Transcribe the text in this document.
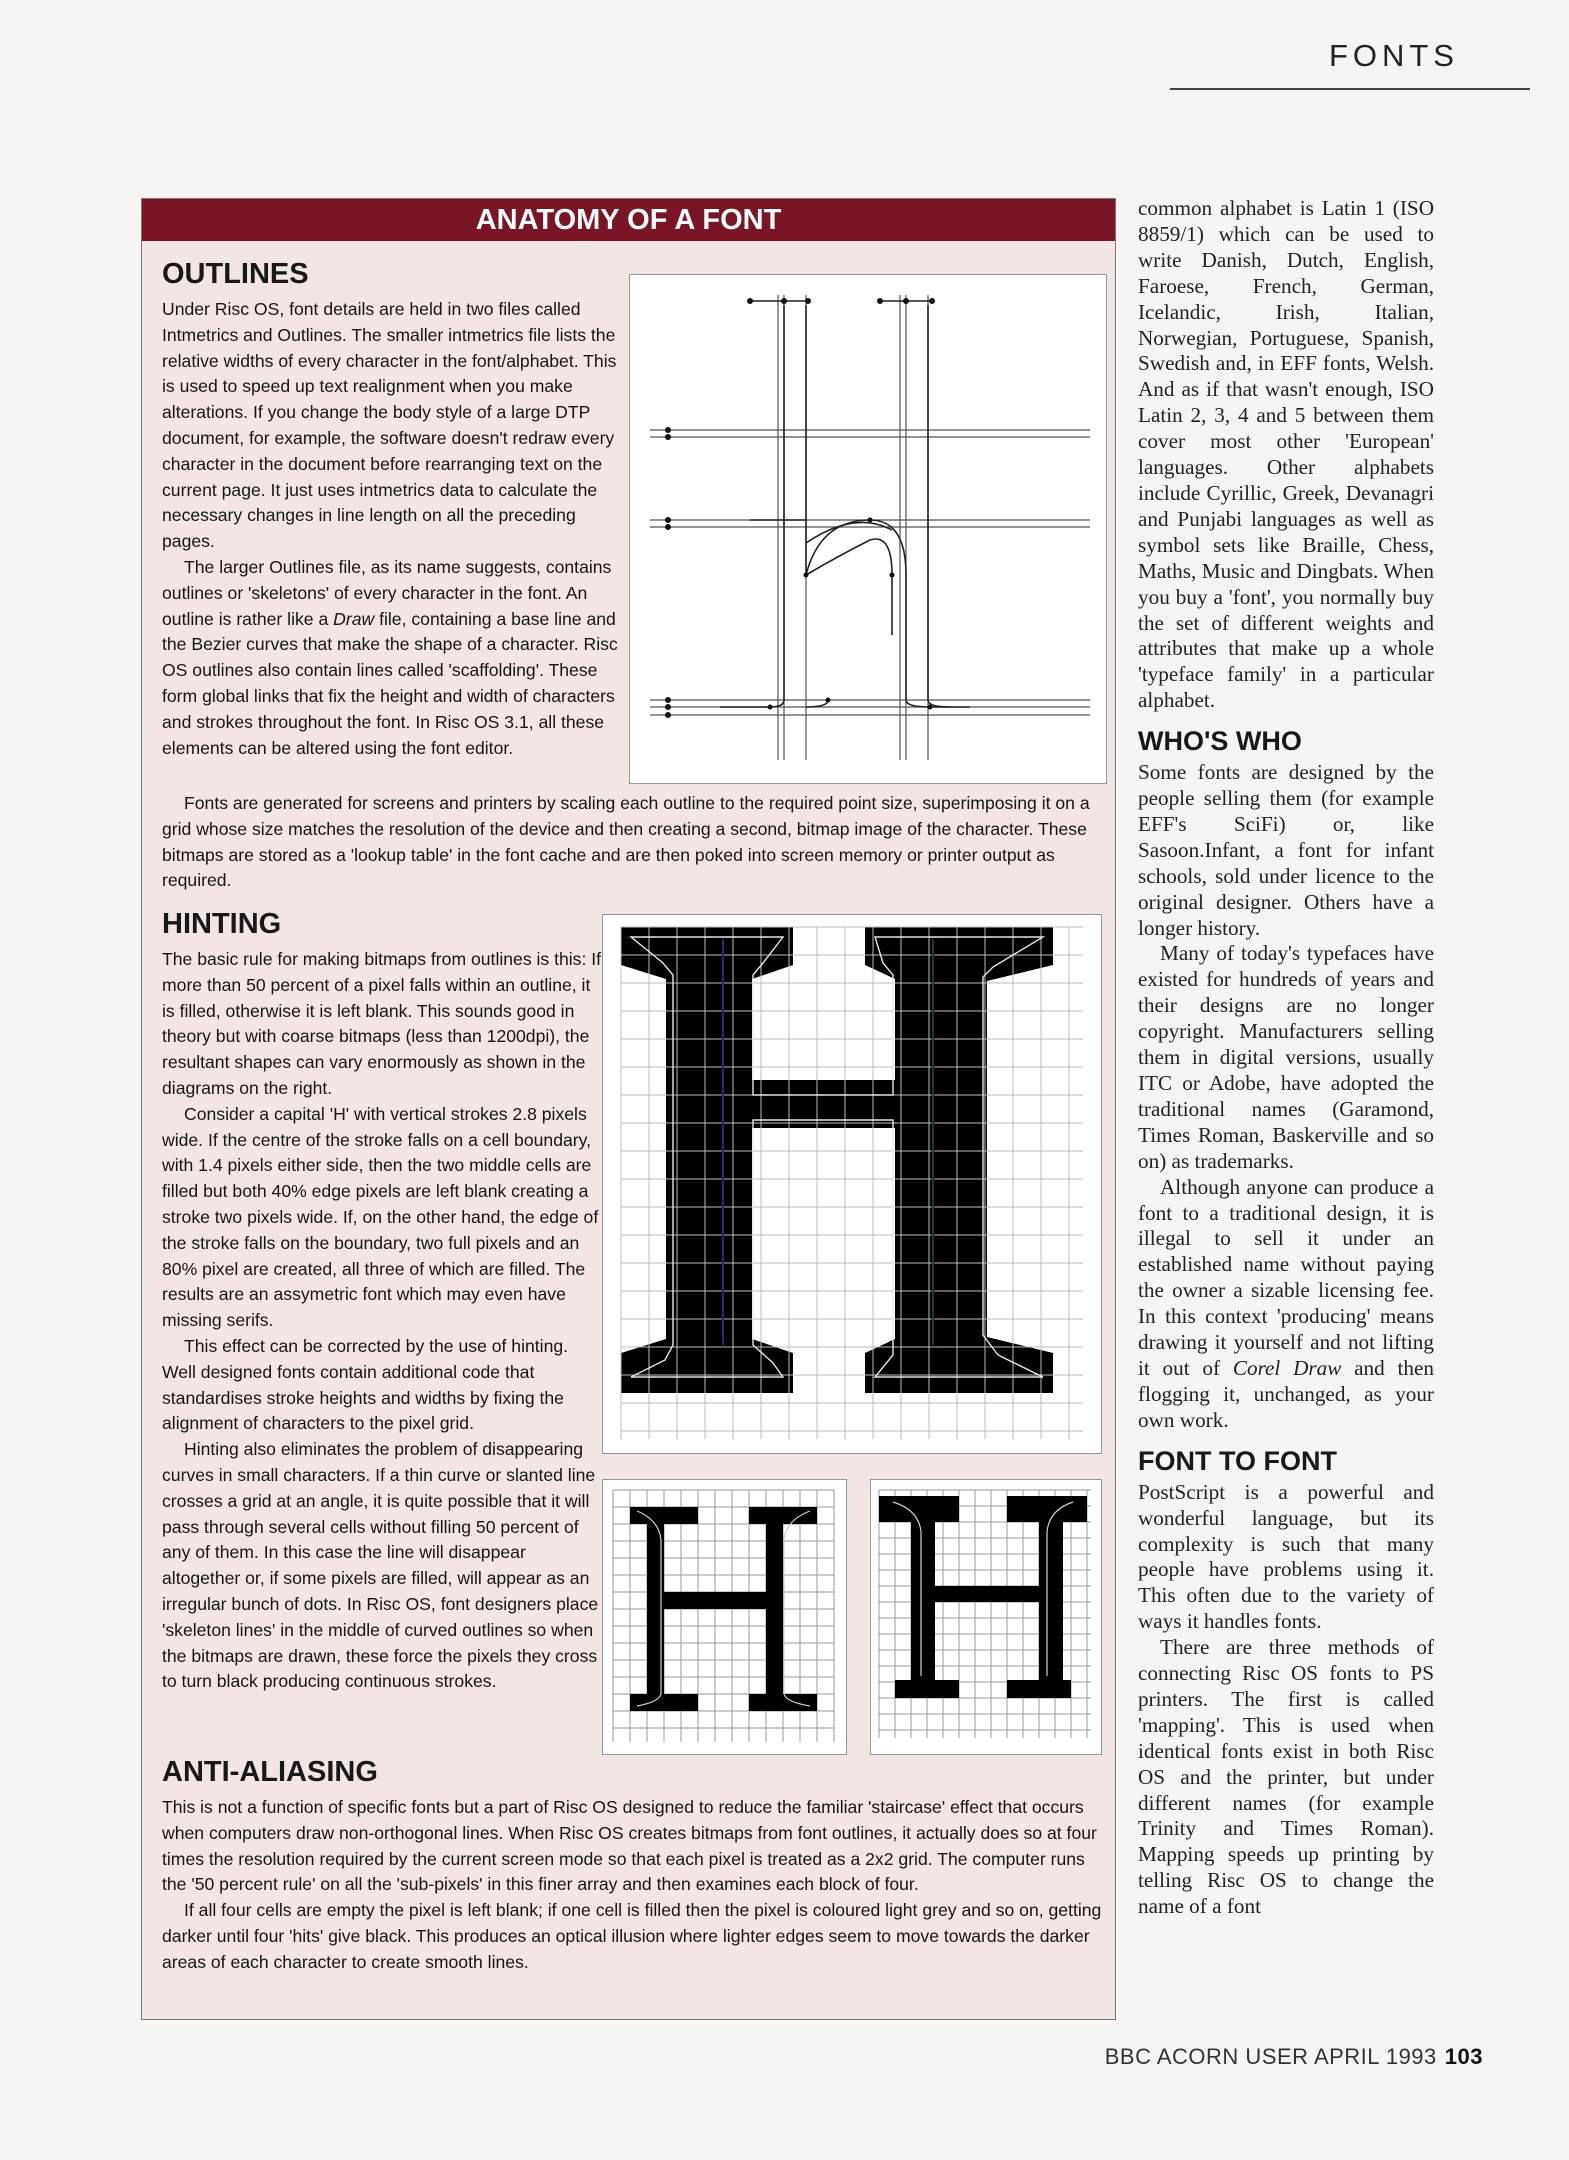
FONTS
ANATOMY OF A FONT
OUTLINES

Under Risc OS, font details are held in two files called Intmetrics and Outlines. The smaller intmetrics file lists the relative widths of every character in the font/alphabet. This is used to speed up text realignment when you make alterations. If you change the body style of a large DTP document, for example, the software doesn't redraw every character in the document before rearranging text on the current page. It just uses intmetrics data to calculate the necessary changes in line length on all the preceding pages.

The larger Outlines file, as its name suggests, contains outlines or 'skeletons' of every character in the font. An outline is rather like a Draw file, containing a base line and the Bezier curves that make the shape of a character. Risc OS outlines also contain lines called 'scaffolding'. These form global links that fix the height and width of characters and strokes throughout the font. In Risc OS 3.1, all these elements can be altered using the font editor.

Fonts are generated for screens and printers by scaling each outline to the required point size, superimposing it on a grid whose size matches the resolution of the device and then creating a second, bitmap image of the character. These bitmaps are stored as a 'lookup table' in the font cache and are then poked into screen memory or printer output as required.

HINTING

The basic rule for making bitmaps from outlines is this: If more than 50 percent of a pixel falls within an outline, it is filled, otherwise it is left blank. This sounds good in theory but with coarse bitmaps (less than 1200dpi), the resultant shapes can vary enormously as shown in the diagrams on the right.

Consider a capital 'H' with vertical strokes 2.8 pixels wide. If the centre of the stroke falls on a cell boundary, with 1.4 pixels either side, then the two middle cells are filled but both 40% edge pixels are left blank creating a stroke two pixels wide. If, on the other hand, the edge of the stroke falls on the boundary, two full pixels and an 80% pixel are created, all three of which are filled. The results are an assymetric font which may even have missing serifs.

This effect can be corrected by the use of hinting. Well designed fonts contain additional code that standardises stroke heights and widths by fixing the alignment of characters to the pixel grid.

Hinting also eliminates the problem of disappearing curves in small characters. If a thin curve or slanted line crosses a grid at an angle, it is quite possible that it will pass through several cells without filling 50 percent of any of them. In this case the line will disappear altogether or, if some pixels are filled, will appear as an irregular bunch of dots. In Risc OS, font designers place 'skeleton lines' in the middle of curved outlines so when the bitmaps are drawn, these force the pixels they cross to turn black producing continuous strokes.

ANTI-ALIASING

This is not a function of specific fonts but a part of Risc OS designed to reduce the familiar 'staircase' effect that occurs when computers draw non-orthogonal lines. When Risc OS creates bitmaps from font outlines, it actually does so at four times the resolution required by the current screen mode so that each pixel is treated as a 2x2 grid. The computer runs the '50 percent rule' on all the 'sub-pixels' in this finer array and then examines each block of four.

If all four cells are empty the pixel is left blank; if one cell is filled then the pixel is coloured light grey and so on, getting darker until four 'hits' give black. This produces an optical illusion where lighter edges seem to move towards the darker areas of each character to create smooth lines.

common alphabet is Latin 1 (ISO 8859/1) which can be used to write Danish, Dutch, English, Faroese, French, German, Icelandic, Irish, Italian, Norwegian, Portuguese, Spanish, Swedish and, in EFF fonts, Welsh. And as if that wasn't enough, ISO Latin 2, 3, 4 and 5 between them cover most other 'European' languages. Other alphabets include Cyrillic, Greek, Devanagri and Punjabi languages as well as symbol sets like Braille, Chess, Maths, Music and Dingbats. When you buy a 'font', you normally buy the set of different weights and attributes that make up a whole 'typeface family' in a particular alphabet.

WHO'S WHO

Some fonts are designed by the people selling them (for example EFF's SciFi) or, like Sasoon.Infant, a font for infant schools, sold under licence to the original designer. Others have a longer history.

Many of today's typefaces have existed for hundreds of years and their designs are no longer copyright. Manufacturers selling them in digital versions, usually ITC or Adobe, have adopted the traditional names (Garamond, Times Roman, Baskerville and so on) as trademarks.

Although anyone can produce a font to a traditional design, it is illegal to sell it under an established name without paying the owner a sizable licensing fee. In this context 'producing' means drawing it yourself and not lifting it out of Corel Draw and then flogging it, unchanged, as your own work.

FONT TO FONT

PostScript is a powerful and wonderful language, but its complexity is such that many people have problems using it. This often due to the variety of ways it handles fonts.

There are three methods of connecting Risc OS fonts to PS printers. The first is called 'mapping'. This is used when identical fonts exist in both Risc OS and the printer, but under different names (for example Trinity and Times Roman). Mapping speeds up printing by telling Risc OS to change the name of a font

BBC ACORN USER APRIL 1993 103
